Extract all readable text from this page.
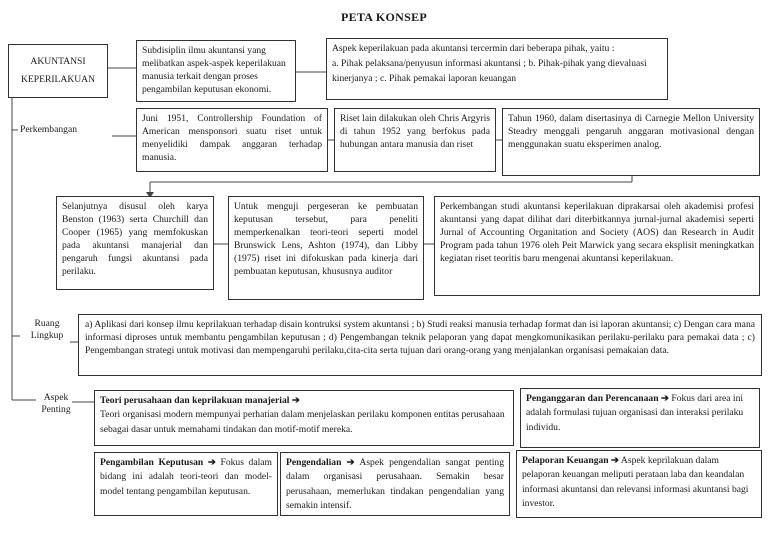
PETA KONSEP
AKUNTANSI
KEPERILAKUAN
Subdisiplin ilmu akuntansi yang melibatkan aspek-aspek keperilakuan manusia terkait dengan proses pengambilan keputusan ekonomi.
Aspek keperilakuan pada akuntansi tercermin dari beberapa pihak, yaitu :
a. Pihak pelaksana/penyusun informasi akuntansi ; b. Pihak-pihak yang dievaluasi kinerjanya ; c. Pihak pemakai laporan keuangan
Perkembangan
Ruang Lingkup
Aspek Penting
Juni 1951, Controllership Foundation of American mensponsori suatu riset untuk menyelidiki dampak anggaran terhadap manusia.
Riset lain dilakukan oleh Chris Argyris di tahun 1952 yang berfokus pada hubungan antara manusia dan riset
Tahun 1960, dalam disertasinya di Carnegie Mellon University Steadry menggali pengaruh anggaran motivasional dengan menggunakan suatu eksperimen analog.
Selanjutnya disusul oleh karya Benston (1963) serta Churchill dan Cooper (1965) yang memfokuskan pada akuntansi manajerial dan pengaruh fungsi akuntansi pada perilaku.
Untuk menguji pergeseran ke pembuatan keputusan tersebut, para peneliti memperkenalkan teori-teori seperti model Brunswick Lens, Ashton (1974), dan Libby (1975) riset ini difokuskan pada kinerja dari pembuatan keputusan, khususnya auditor
Perkembangan studi akuntansi keperilakuan diprakarsai oleh akademisi profesi akuntansi yang dapat dilihat dari diterbitkannya jurnal-jurnal akademisi seperti Jurnal of Accounting Organitation and Society (AOS) dan Research in Audit Program pada tahun 1976 oleh Peit Marwick yang secara eksplisit meningkatkan kegiatan riset teoritis baru mengenai akuntansi keperilakuan.
a) Aplikasi dari konsep ilmu keprilakuan terhadap disain kontruksi system akuntansi ; b) Studi reaksi manusia terhadap format dan isi laporan akuntansi; c) Dengan cara mana informasi diproses untuk membantu pengambilan keputusan ; d) Pengembangan teknik pelaporan yang dapat mengkomunikasikan perilaku-perilaku para pemakai data ; c) Pengembangan strategi untuk motivasi dan mempengaruhi perilaku,cita-cita serta tujuan dari orang-orang yang menjalankan organisasi pemakaian data.
Teori perusahaan dan keprilakuan manajerial ➔
Teori organisasi modern mempunyai perhatian dalam menjelaskan perilaku komponen entitas perusahaan sebagai dasar untuk memahami tindakan dan motif-motif mereka.
Penganggaran dan Perencanaan ➔ Fokus dari area ini adalah formulasi tujuan organisasi dan interaksi perilaku individu.
Pengambilan Keputusan ➔ Fokus dalam bidang ini adalah teori-teori dan model-model tentang pengambilan keputusan.
Pengendalian ➔ Aspek pengendalian sangat penting dalam organisasi perusahaan. Semakin besar perusahaan, memerlukan tindakan pengendalian yang semakin intensif.
Pelaporan Keuangan ➔ Aspek keprilakuan dalam pelaporan keuangan meliputi perataan laba dan keandalan informasi akuntansi dan relevansi informasi akuntansi bagi investor.
